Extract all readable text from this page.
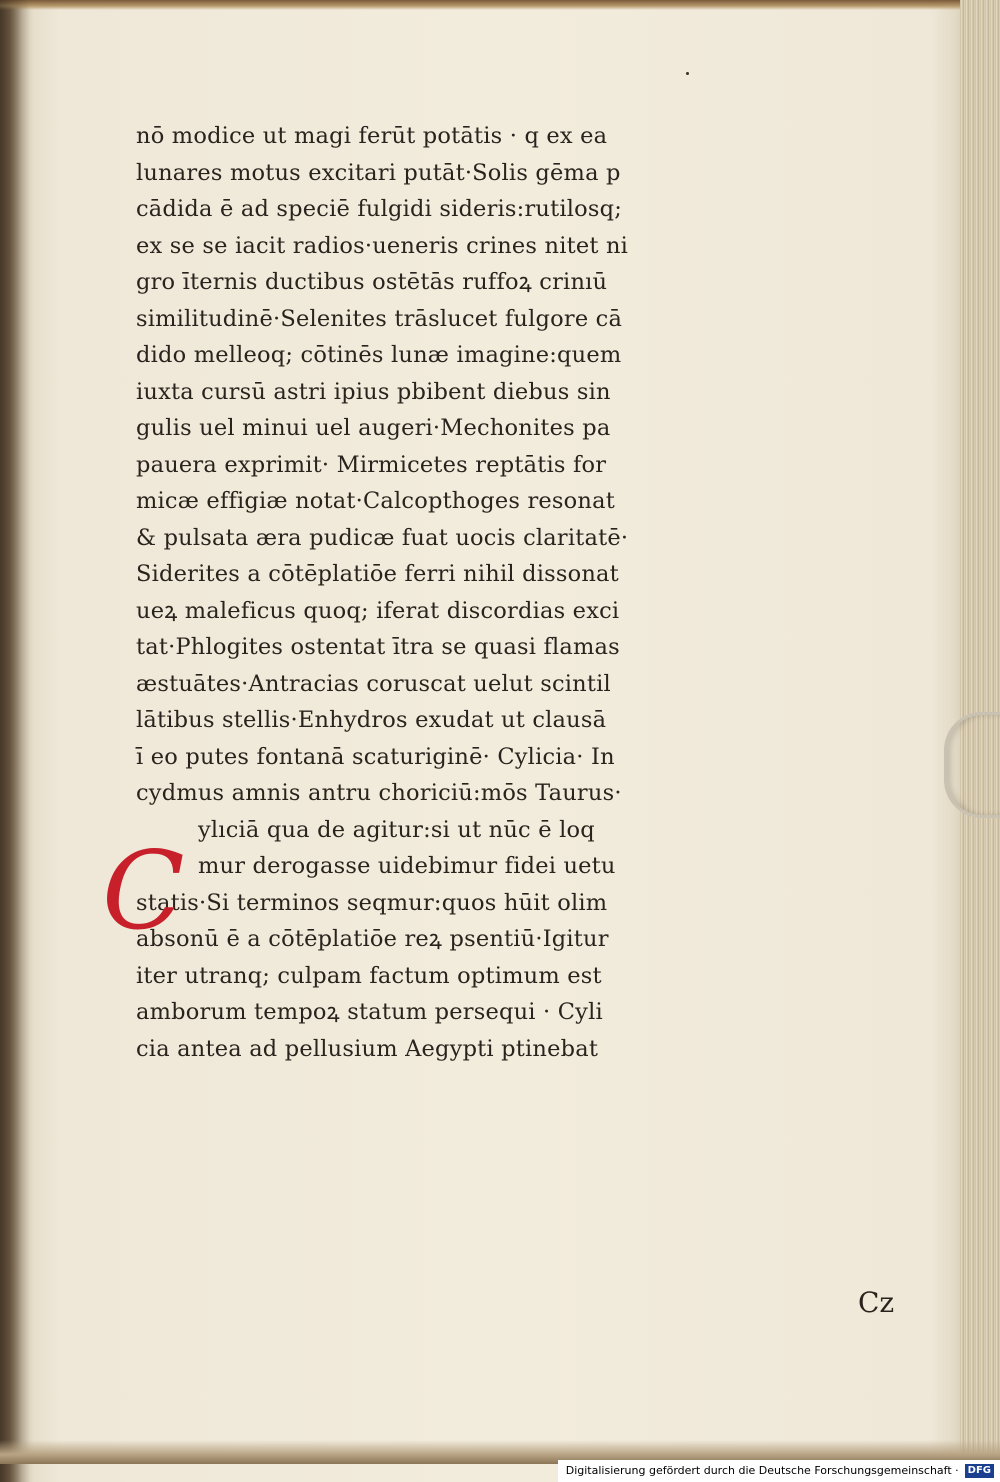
nō modice ut magi ferūt potātis · q ex ea
lunares motus excitari putāt·Solis gēma p
cādida ē ad speciē fulgidi sideris:rutilosq;
ex se se iacit radios·ueneris crines nitet ni
gro īternis ductibus ostētās ruffoꝝ crinıū
similitudinē·Selenites trāslucet fulgore cā
dido melleoq; cōtinēs lunæ imagine:quem
iuxta cursū astri ipius pbibent diebus sin
gulis uel minui uel augeri·Mechonites pa
pauera exprimit· Mirmicetes reptātis for
micæ effigiæ notat·Calcopthoges resonat
& pulsata æra pudicæ fuat uocis claritatē·
Siderites a cōtēplatiōe ferri nihil dissonat
ueꝝ maleficus quoq; iferat discordias exci
tat·Phlogites ostentat ītra se quasi flamas
æstuātes·Antracias coruscat uelut scintil
lātibus stellis·Enhydros exudat ut clausā
ī eo putes fontanā scaturiginē· Cylicia· In
cydmus amnis antru choriciū:mōs Taurus·
ylıciā qua de agitur:si ut nūc ē loq
mur derogasse uidebimur fidei uetu
statis·Si terminos seqmur:quos hūit olim
absonū ē a cōtēplatiōe reꝝ psentiū·Igitur
iter utranq; culpam factum optimum est
amborum tempoꝝ statum persequi · Cyli
cia antea ad pellusium Aegypti ptinebat
C
Cz
Digitalisierung gefördert durch die Deutsche Forschungsgemeinschaft · DFG
